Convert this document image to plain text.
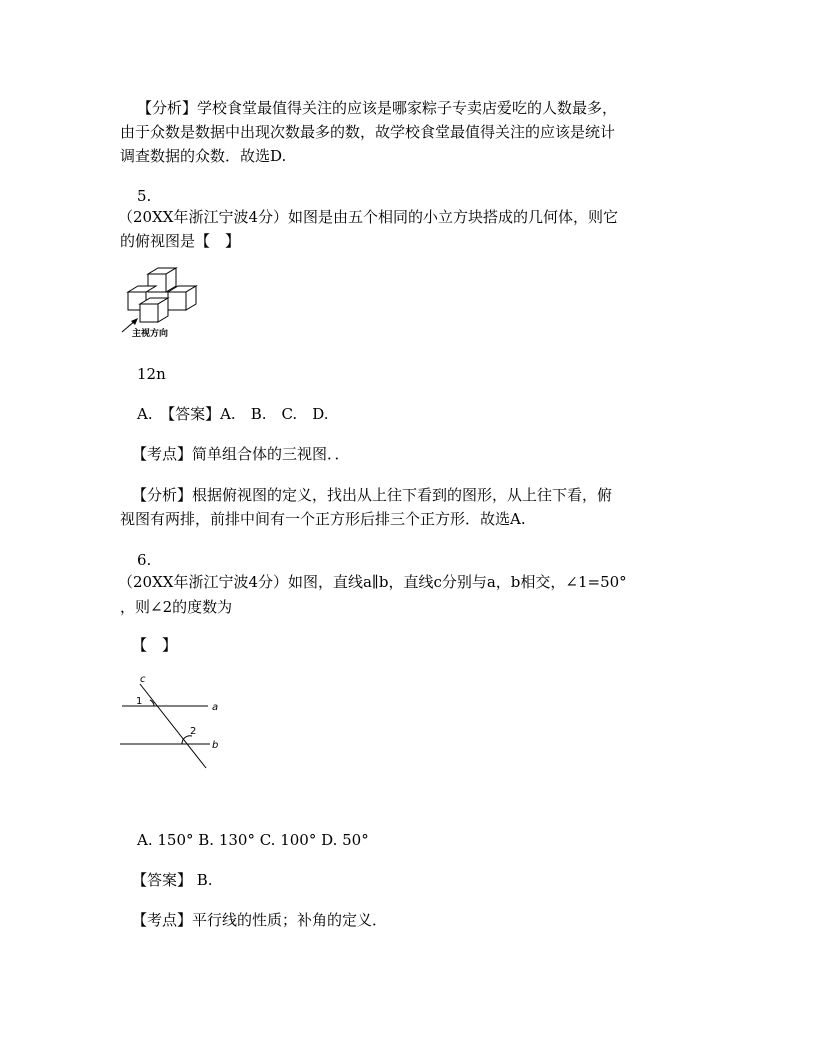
【分析】学校食堂最值得关注的应该是哪家粽子专卖店爱吃的人数最多，
由于众数是数据中出现次数最多的数，故学校食堂最值得关注的应该是统计
调查数据的众数．故选D.
5.
（20XX年浙江宁波4分）如图是由五个相同的小立方块搭成的几何体，则它
的俯视图是【　】
主视方向
12n
A.　【答案】A.　B.　C.　D.
【考点】简单组合体的三视图．．
【分析】根据俯视图的定义，找出从上往下看到的图形，从上往下看，俯
视图有两排，前排中间有一个正方形后排三个正方形．故选A.
6.
（20XX年浙江宁波4分）如图，直线a∥b，直线c分别与a，b相交，∠1=50°
，则∠2的度数为
【　】
c
1
a
2
b
A. 150° B. 130° C. 100° D. 50°
【答案】 B.
【考点】平行线的性质；补角的定义．
